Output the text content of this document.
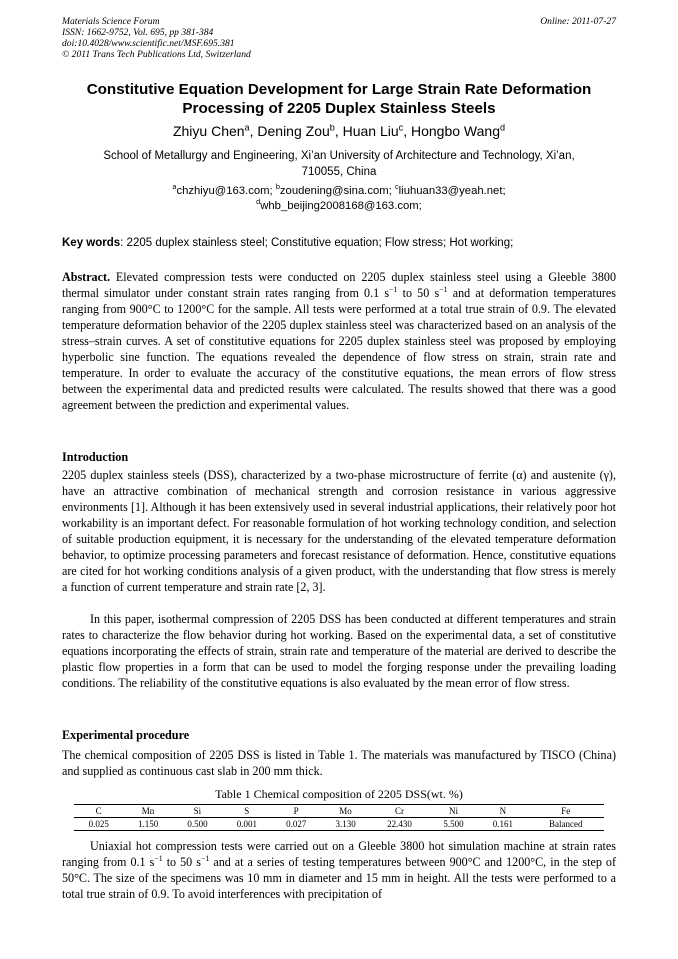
Materials Science Forum
ISSN: 1662-9752, Vol. 695, pp 381-384
doi:10.4028/www.scientific.net/MSF.695.381
© 2011 Trans Tech Publications Ltd, Switzerland
Online: 2011-07-27
Constitutive Equation Development for Large Strain Rate Deformation
Processing of 2205 Duplex Stainless Steels
Zhiyu Chen$^a$, Dening Zou$^b$, Huan Liu$^c$, Hongbo Wang$^d$
School of Metallurgy and Engineering, Xi’an University of Architecture and Technology, Xi’an,
710055, China
$^a$chzhiyu@163.com; $^b$zoudening@sina.com; $^c$liuhuan33@yeah.net;
$^d$whb_beijing2008168@163.com;
Key words: 2205 duplex stainless steel; Constitutive equation; Flow stress; Hot working;

Abstract. Elevated compression tests were conducted on 2205 duplex stainless steel using a Gleeble 3800 thermal simulator under constant strain rates ranging from 0.1 $s^{-1}$ to 50 $s^{-1}$ and at deformation temperatures ranging from 900°C to 1200°C for the sample. All tests were performed at a total true strain of 0.9. The elevated temperature deformation behavior of the 2205 duplex stainless steel was characterized based on an analysis of the stress–strain curves. A set of constitutive equations for 2205 duplex stainless steel was proposed by employing hyperbolic sine function. The equations revealed the dependence of flow stress on strain, strain rate and temperature. In order to evaluate the accuracy of the constitutive equations, the mean errors of flow stress between the experimental data and predicted results were calculated. The results showed that there was a good agreement between the prediction and experimental values.

Introduction

2205 duplex stainless steels (DSS), characterized by a two-phase microstructure of ferrite (α) and austenite (γ), have an attractive combination of mechanical strength and corrosion resistance in various aggressive environments [1]. Although it has been extensively used in several industrial applications, their relatively poor hot workability is an important defect. For reasonable formulation of hot working technology condition, and selection of suitable production equipment, it is necessary for the understanding of the elevated temperature deformation behavior, to optimize processing parameters and forecast resistance of deformation. Hence, constitutive equations are cited for hot working conditions analysis of a given product, with the understanding that flow stress is merely a function of current temperature and strain rate [2, 3].

In this paper, isothermal compression of 2205 DSS has been conducted at different temperatures and strain rates to characterize the flow behavior during hot working. Based on the experimental data, a set of constitutive equations incorporating the effects of strain, strain rate and temperature of the material are derived to describe the plastic flow properties in a form that can be used to model the forging response under the prevailing loading conditions. The reliability of the constitutive equations is also evaluated by the mean error of flow stress.

Experimental procedure

The chemical composition of 2205 DSS is listed in Table 1. The materials was manufactured by TISCO (China) and supplied as continuous cast slab in 200 mm thick.

Table 1 Chemical composition of 2205 DSS(wt. %)
C	Mn	Si	S	P	Mo	Cr	Ni	N	Fe
0.025	1.150	0.500	0.001	0.027	3.130	22.430	5.500	0.161	Balanced

Uniaxial hot compression tests were carried out on a Gleeble 3800 hot simulation machine at strain rates ranging from 0.1 $s^{-1}$ to 50 $s^{-1}$ and at a series of testing temperatures between 900°C and 1200°C, in the step of 50°C. The size of the specimens was 10 mm in diameter and 15 mm in height. All the tests were performed to a total true strain of 0.9. To avoid interferences with precipitation of
